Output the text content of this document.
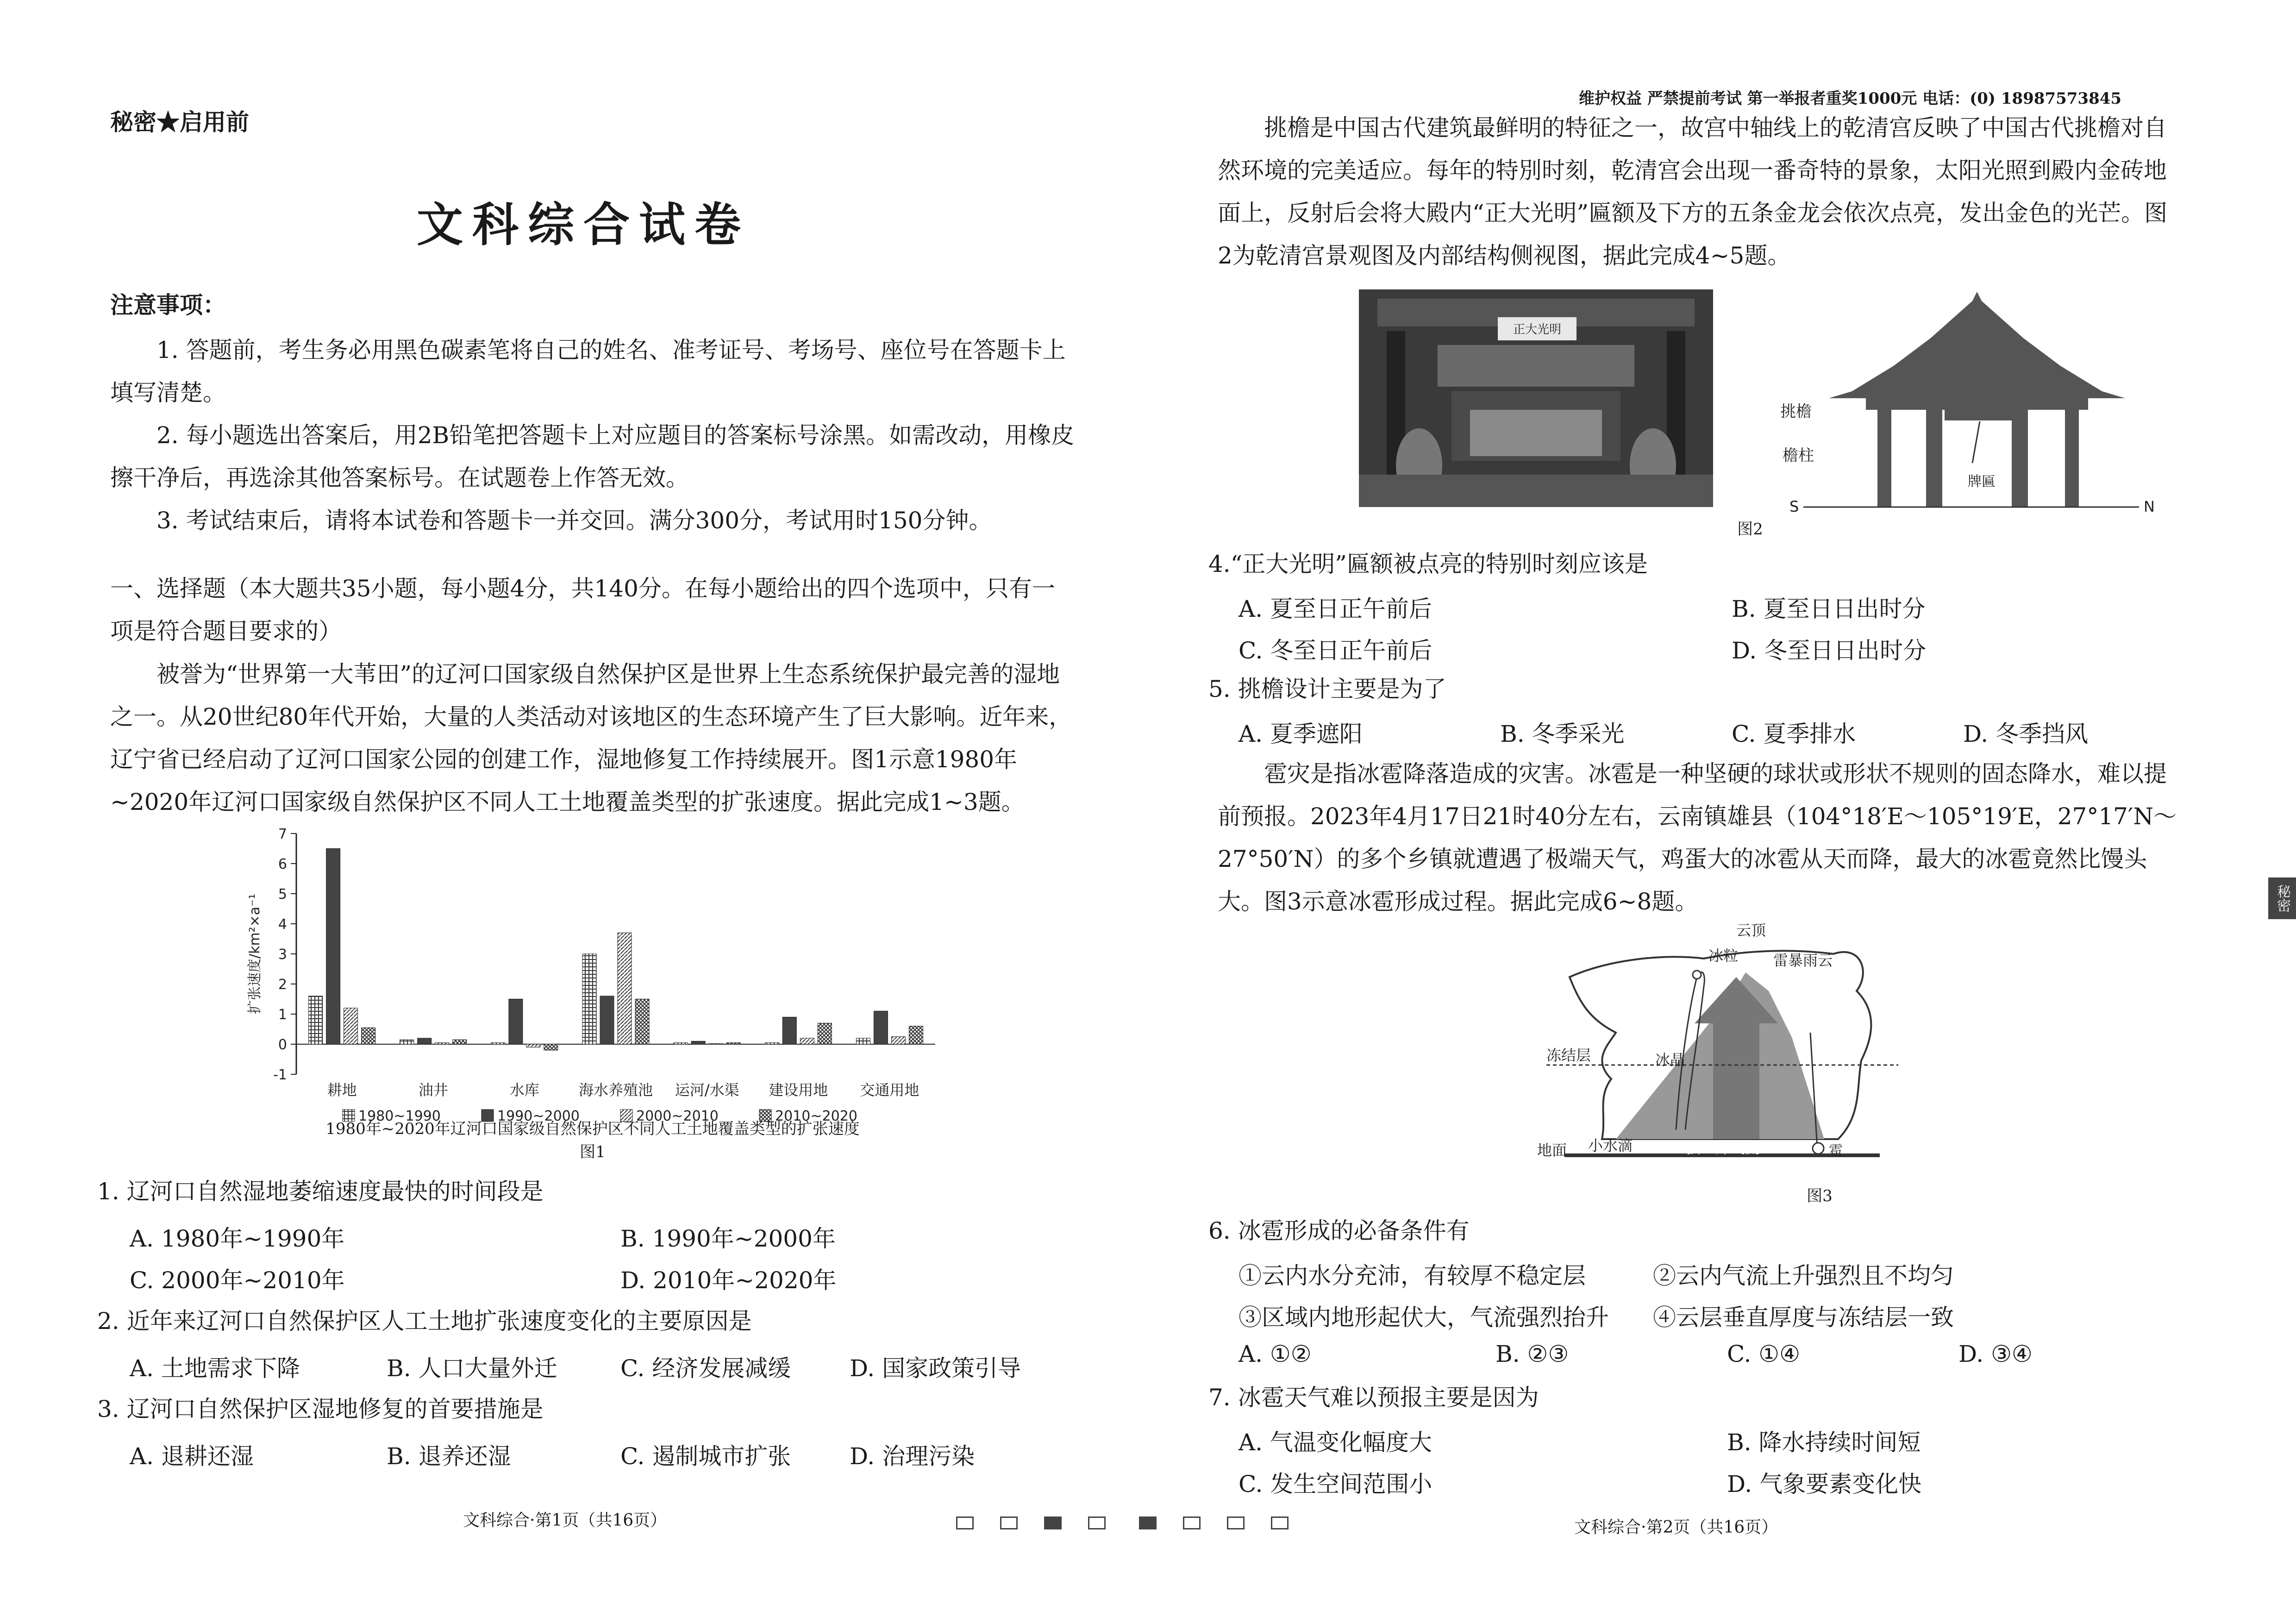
秘密★启用前
文科综合试卷
注意事项：

1. 答题前，考生务必用黑色碳素笔将自己的姓名、准考证号、考场号、座位号在答题卡上填写清楚。

2. 每小题选出答案后，用2B铅笔把答题卡上对应题目的答案标号涂黑。如需改动，用橡皮擦干净后，再选涂其他答案标号。在试题卷上作答无效。

3. 考试结束后，请将本试卷和答题卡一并交回。满分300分，考试用时150分钟。

一、选择题（本大题共35小题，每小题4分，共140分。在每小题给出的四个选项中，只有一项是符合题目要求的）

被誉为“世界第一大苇田”的辽河口国家级自然保护区是世界上生态系统保护最完善的湿地之一。从20世纪80年代开始，大量的人类活动对该地区的生态环境产生了巨大影响。近年来，辽宁省已经启动了辽河口国家公园的创建工作，湿地修复工作持续展开。图1示意1980年~2020年辽河口国家级自然保护区不同人工土地覆盖类型的扩张速度。据此完成1~3题。

-1
0
1
2
3
4
5
6
7
扩张速度/km²×a⁻¹
耕地	油井	水库	海水养殖池 运河/水渠 建设用地 交通用地
1980~1990	1990~2000	2000~2010	2010~2020
1980年~2020年辽河口国家级自然保护区不同人工土地覆盖类型的扩张速度
图1
1. 辽河口自然湿地萎缩速度最快的时间段是
A. 1980年~1990年	B. 1990年~2000年
C. 2000年~2010年	D. 2010年~2020年
2. 近年来辽河口自然保护区人工土地扩张速度变化的主要原因是
A. 土地需求下降	B. 人口大量外迁	C. 经济发展减缓	D. 国家政策引导
3. 辽河口自然保护区湿地修复的首要措施是
A. 退耕还湿	B. 退养还湿	C. 遏制城市扩张	D. 治理污染
文科综合·第1页（共16页）
维护权益 严禁提前考试 第一举报者重奖1000元 电话：(0) 18987573845

挑檐是中国古代建筑最鲜明的特征之一，故宫中轴线上的乾清宫反映了中国古代挑檐对自然环境的完美适应。每年的特別时刻，乾清宫会出现一番奇特的景象，太阳光照到殿内金砖地面上，反射后会将大殿内“正大光明”匾额及下方的五条金龙会依次点亮，发出金色的光芒。图2为乾清宫景观图及内部结构侧视图，据此完成4~5题。

正大光明
挑檐
檐柱
牌匾
S	N
图2
4.“正大光明”匾额被点亮的特别时刻应该是
A. 夏至日正午前后	B. 夏至日日出时分
C. 冬至日正午前后	D. 冬至日日出时分
5. 挑檐设计主要是为了
A. 夏季遮阳	B. 冬季采光	C. 夏季排水	D. 冬季挡风

雹灾是指冰雹降落造成的灾害。冰雹是一种坚硬的球状或形状不规则的固态降水，难以提前预报。2023年4月17日21时40分左右，云南镇雄县（104°18′E～105°19′E，27°17′N～27°50′N）的多个乡镇就遭遇了极端天气，鸡蛋大的冰雹从天而降，最大的冰雹竟然比馒头大。图3示意冰雹形成过程。据此完成6~8题。

云顶
雷暴雨云
冰粒
冻结层	冰晶
地面 小水滴	强上升气流	雹
图3
6. 冰雹形成的必备条件有
①云内水分充沛，有较厚不稳定层	②云内气流上升强烈且不均匀
③区域内地形起伏大，气流强烈抬升 ④云层垂直厚度与冻结层一致
A. ①②	B. ②③	C. ①④	D. ③④
7. 冰雹天气难以预报主要是因为
A. 气温变化幅度大	B. 降水持续时间短
C. 发生空间范围小	D. 气象要素变化快
文科综合·第2页（共16页）
秘密
